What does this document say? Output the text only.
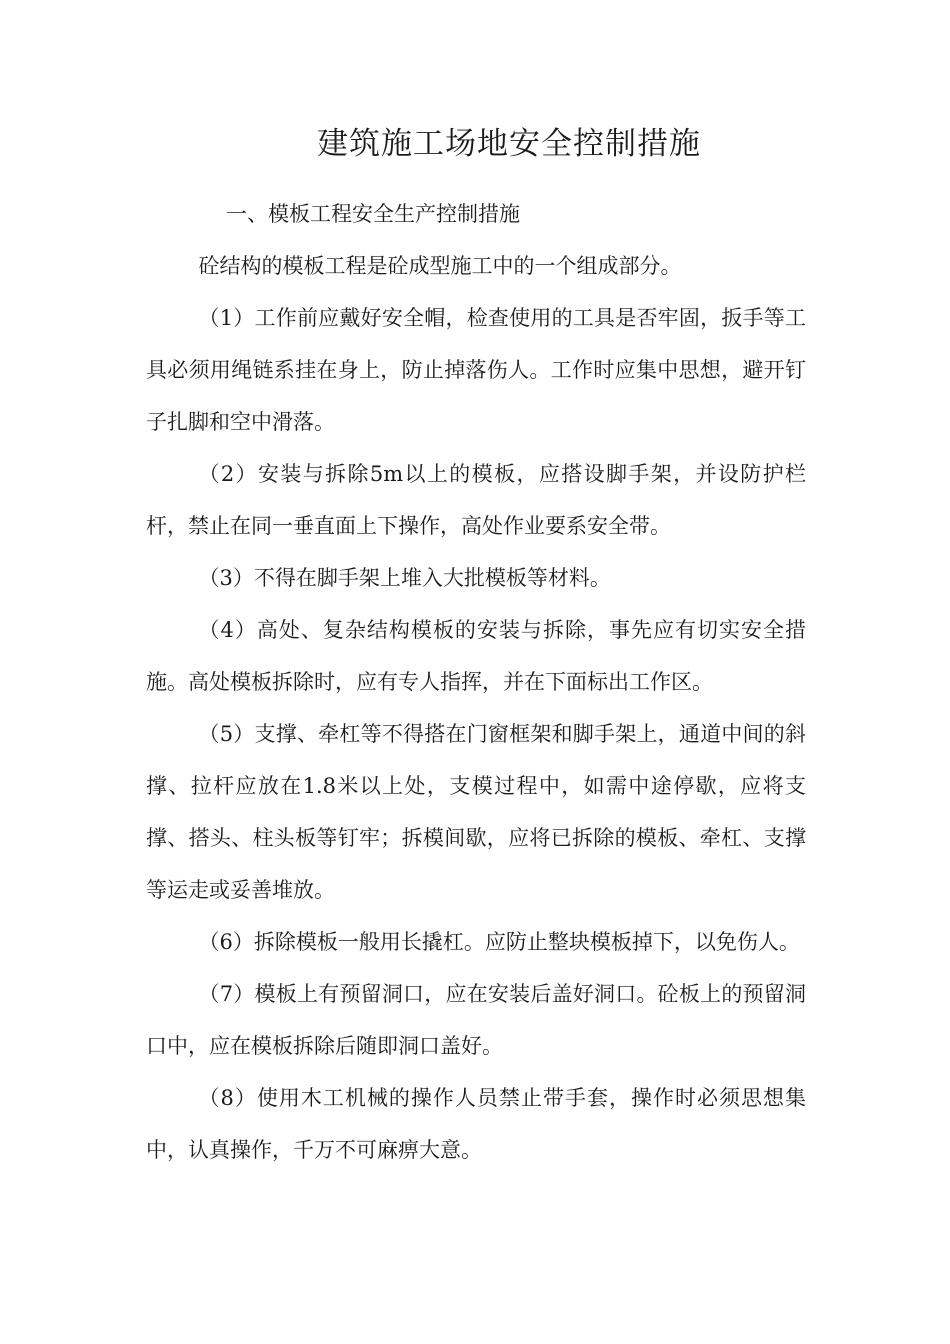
建筑施工场地安全控制措施

一、模板工程安全生产控制措施

砼结构的模板工程是砼成型施工中的一个组成部分。

（1）工作前应戴好安全帽，检查使用的工具是否牢固，扳手等工具必须用绳链系挂在身上，防止掉落伤人。工作时应集中思想，避开钉子扎脚和空中滑落。

（2）安装与拆除5m以上的模板，应搭设脚手架，并设防护栏杆，禁止在同一垂直面上下操作，高处作业要系安全带。

（3）不得在脚手架上堆入大批模板等材料。

（4）高处、复杂结构模板的安装与拆除，事先应有切实安全措施。高处模板拆除时，应有专人指挥，并在下面标出工作区。

（5）支撑、牵杠等不得搭在门窗框架和脚手架上，通道中间的斜撑、拉杆应放在1.8米以上处，支模过程中，如需中途停歇，应将支撑、搭头、柱头板等钉牢；拆模间歇，应将已拆除的模板、牵杠、支撑等运走或妥善堆放。

（6）拆除模板一般用长撬杠。应防止整块模板掉下，以免伤人。

（7）模板上有预留洞口，应在安装后盖好洞口。砼板上的预留洞口中，应在模板拆除后随即洞口盖好。

（8）使用木工机械的操作人员禁止带手套，操作时必须思想集中，认真操作，千万不可麻痹大意。
